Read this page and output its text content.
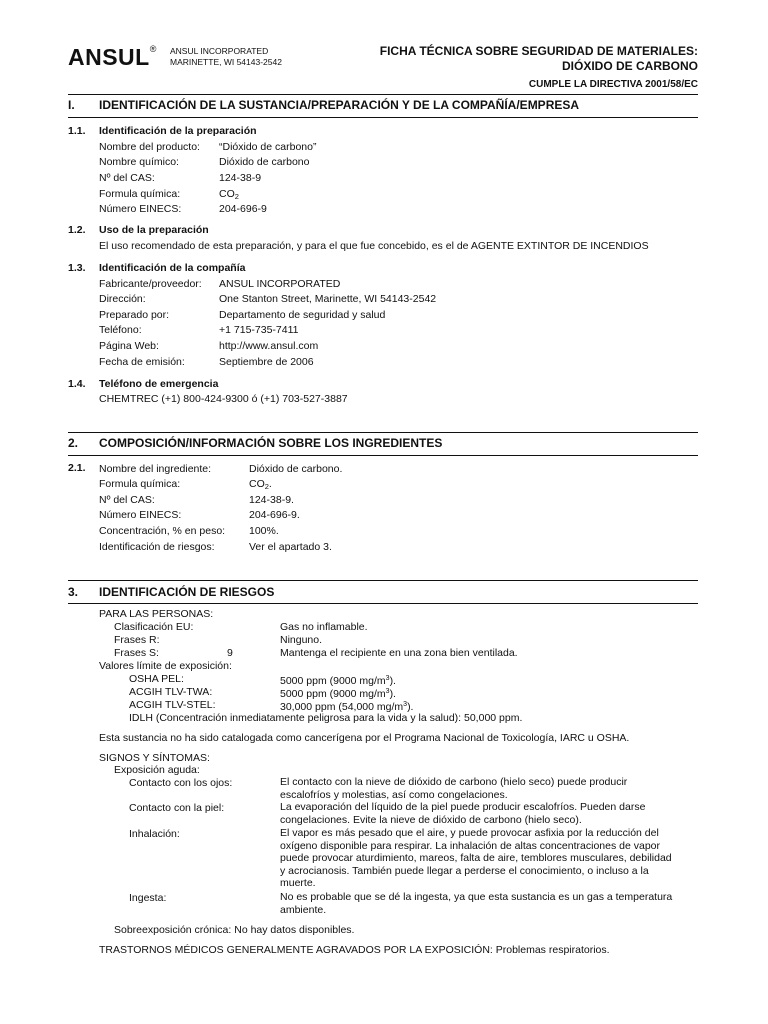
ANSUL® ANSUL INCORPORATED
MARINETTE, WI 54143-2542
FICHA TÉCNICA SOBRE SEGURIDAD DE MATERIALES:
DIÓXIDO DE CARBONO
CUMPLE LA DIRECTIVA 2001/58/EC
I. IDENTIFICACIÓN DE LA SUSTANCIA/PREPARACIÓN Y DE LA COMPAÑÍA/EMPRESA
1.1. Identificación de la preparación
Nombre del producto: “Dióxido de carbono”
Nombre químico:	Dióxido de carbono
Nº del CAS:	124-38-9
Formula química:	$CO_2$
Número EINECS:	204-696-9
1.2. Uso de la preparación
El uso recomendado de esta preparación, y para el que fue concebido, es el de AGENTE EXTINTOR DE INCENDIOS
1.3. Identificación de la compañía
Fabricante/proveedor: ANSUL INCORPORATED
Dirección:	One Stanton Street, Marinette, WI 54143-2542
Preparado por:	Departamento de seguridad y salud
Teléfono:	+1 715-735-7411
Página Web:	http://www.ansul.com
Fecha de emisión:	Septiembre de 2006
1.4. Teléfono de emergencia
CHEMTREC (+1) 800-424-9300 ó (+1) 703-527-3887
2. COMPOSICIÓN/INFORMACIÓN SOBRE LOS INGREDIENTES
2.1.	Nombre del ingrediente:	Dióxido de carbono.
Formula química:	$CO_2$.
Nº del CAS:	124-38-9.
Número EINECS:	204-696-9.
Concentración, % en peso: 100%.
Identificación de riesgos:	Ver el apartado 3.
3. IDENTIFICACIÓN DE RIESGOS
PARA LAS PERSONAS:
Clasificación EU:	Gas no inflamable.
Frases R:	Ninguno.
Frases S:	9	Mantenga el recipiente en una zona bien ventilada.
Valores límite de exposición:
OSHA PEL:	5000 ppm (9000 $mg/m^3$).
ACGIH TLV-TWA:	5000 ppm (9000 $mg/m^3$).
ACGIH TLV-STEL:	30,000 ppm (54,000 $mg/m^3$).
IDLH (Concentración inmediatamente peligrosa para la vida y la salud): 50,000 ppm.
Esta sustancia no ha sido catalogada como cancerígena por el Programa Nacional de Toxicología, IARC u OSHA.
SIGNOS Y SÍNTOMAS:
Exposición aguda:
Contacto con los ojos:	El contacto con la nieve de dióxido de carbono (hielo seco) puede producir
escalofríos y molestias, así como congelaciones.
Contacto con la piel:	La evaporación del líquido de la piel puede producir escalofríos. Pueden darse
congelaciones. Evite la nieve de dióxido de carbono (hielo seco).
Inhalación:	El vapor es más pesado que el aire, y puede provocar asfixia por la reducción del
oxígeno disponible para respirar. La inhalación de altas concentraciones de vapor
puede provocar aturdimiento, mareos, falta de aire, temblores musculares, debilidad
y acrocianosis. También puede llegar a perderse el conocimiento, o incluso a la
muerte.
Ingesta:	No es probable que se dé la ingesta, ya que esta sustancia es un gas a temperatura
ambiente.
Sobreexposición crónica: No hay datos disponibles.
TRASTORNOS MÉDICOS GENERALMENTE AGRAVADOS POR LA EXPOSICIÓN: Problemas respiratorios.
